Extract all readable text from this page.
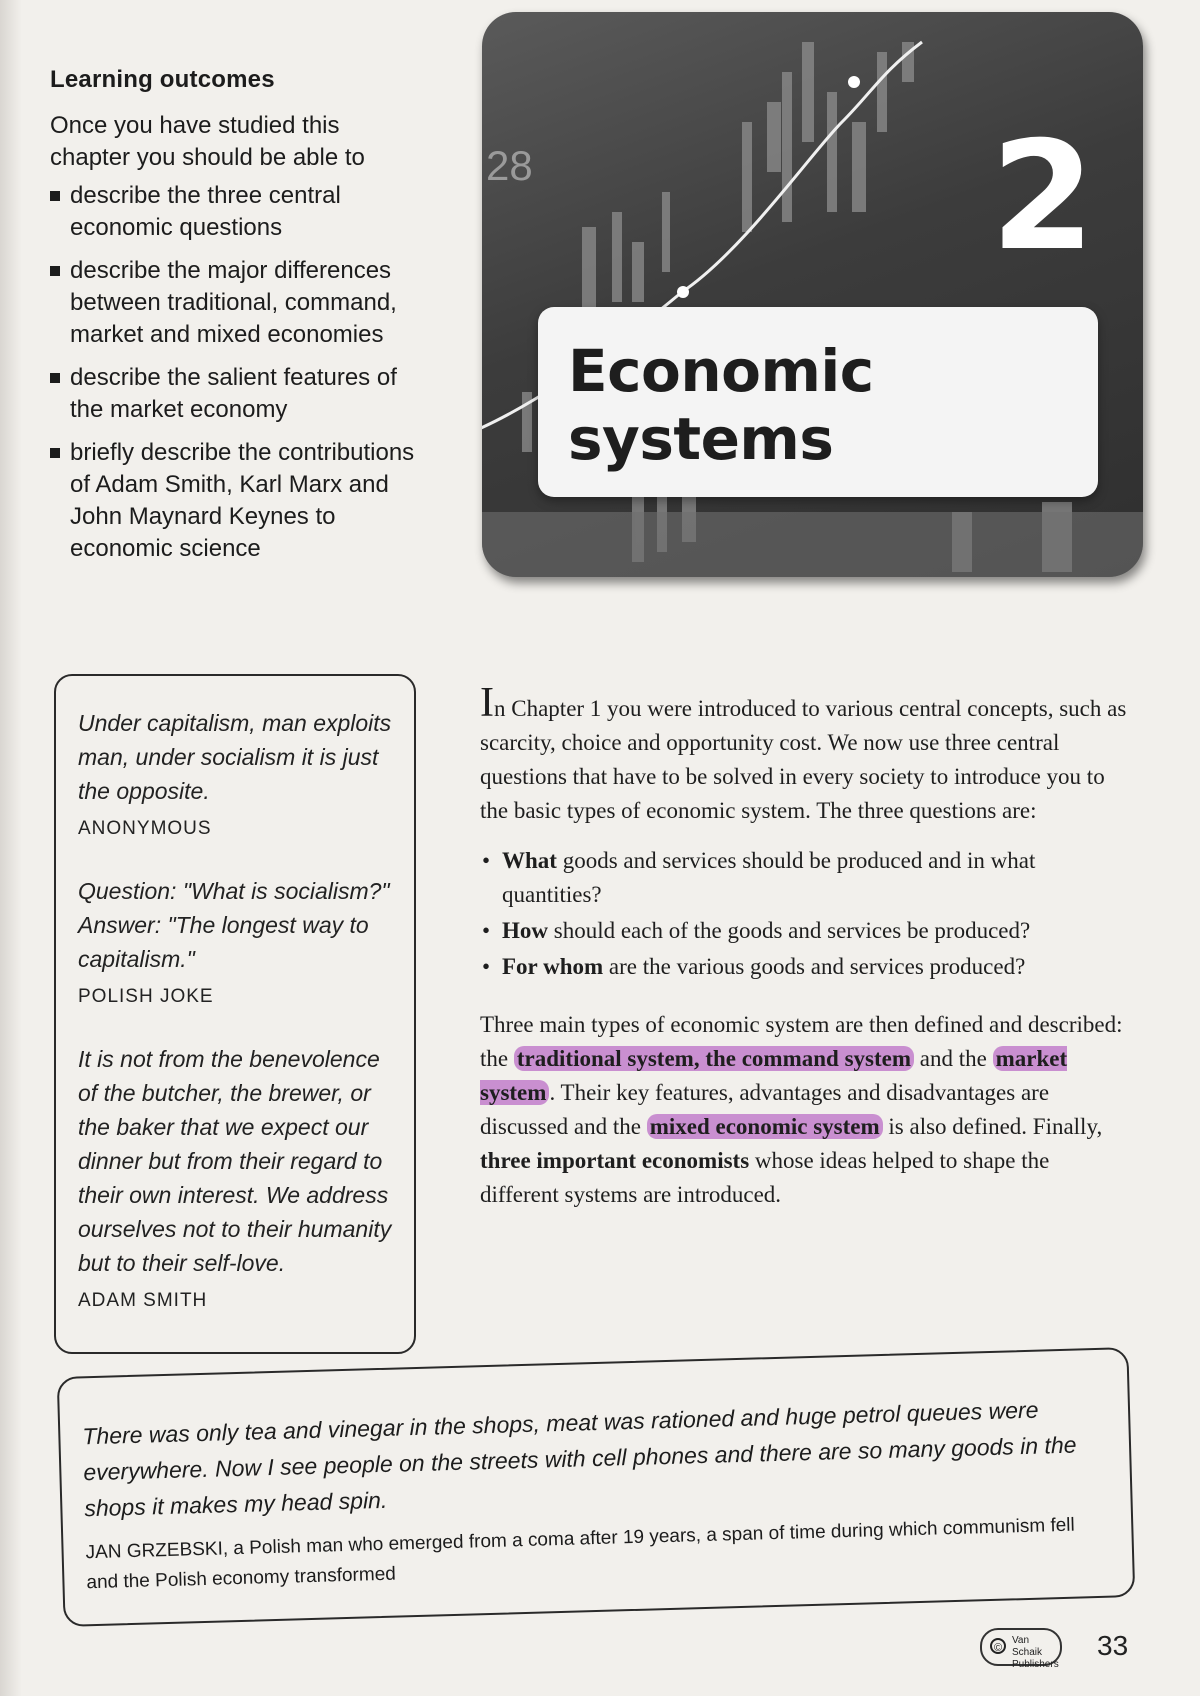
Learning outcomes

Once you have studied this chapter you should be able to

describe the three central economic questions
describe the major differences between traditional, command, market and mixed economies
describe the salient features of the market economy
briefly describe the contributions of Adam Smith, Karl Marx and John Maynard Keynes to economic science
28	2
Economic
systems

Under capitalism, man exploits man, under socialism it is just the opposite.

ANONYMOUS

Question: "What is socialism?" Answer: "The longest way to capitalism."

POLISH JOKE

It is not from the benevolence of the butcher, the brewer, or the baker that we expect our dinner but from their regard to their own interest. We address ourselves not to their humanity but to their self-love.

ADAM SMITH

In Chapter 1 you were introduced to various central concepts, such as scarcity, choice and opportunity cost. We now use three central questions that have to be solved in every society to introduce you to the basic types of economic system. The three questions are:

• What goods and services should be produced and in what quantities?
• How should each of the goods and services be produced?
• For whom are the various goods and services produced?

Three main types of economic system are then defined and described: the traditional system, the command system and the market system . Their key features, advantages and disadvantages are discussed and the mixed economic system is also defined. Finally, three important economists whose ideas helped to shape the different systems are introduced.

There was only tea and vinegar in the shops, meat was rationed and huge petrol queues were everywhere. Now I see people on the streets with cell phones and there are so many goods in the shops it makes my head spin.

JAN GRZEBSKI, a Polish man who emerged from a coma after 19 years, a span of time during which communism fell and the Polish economy transformed
©
Van Schaik
Publishers
33
